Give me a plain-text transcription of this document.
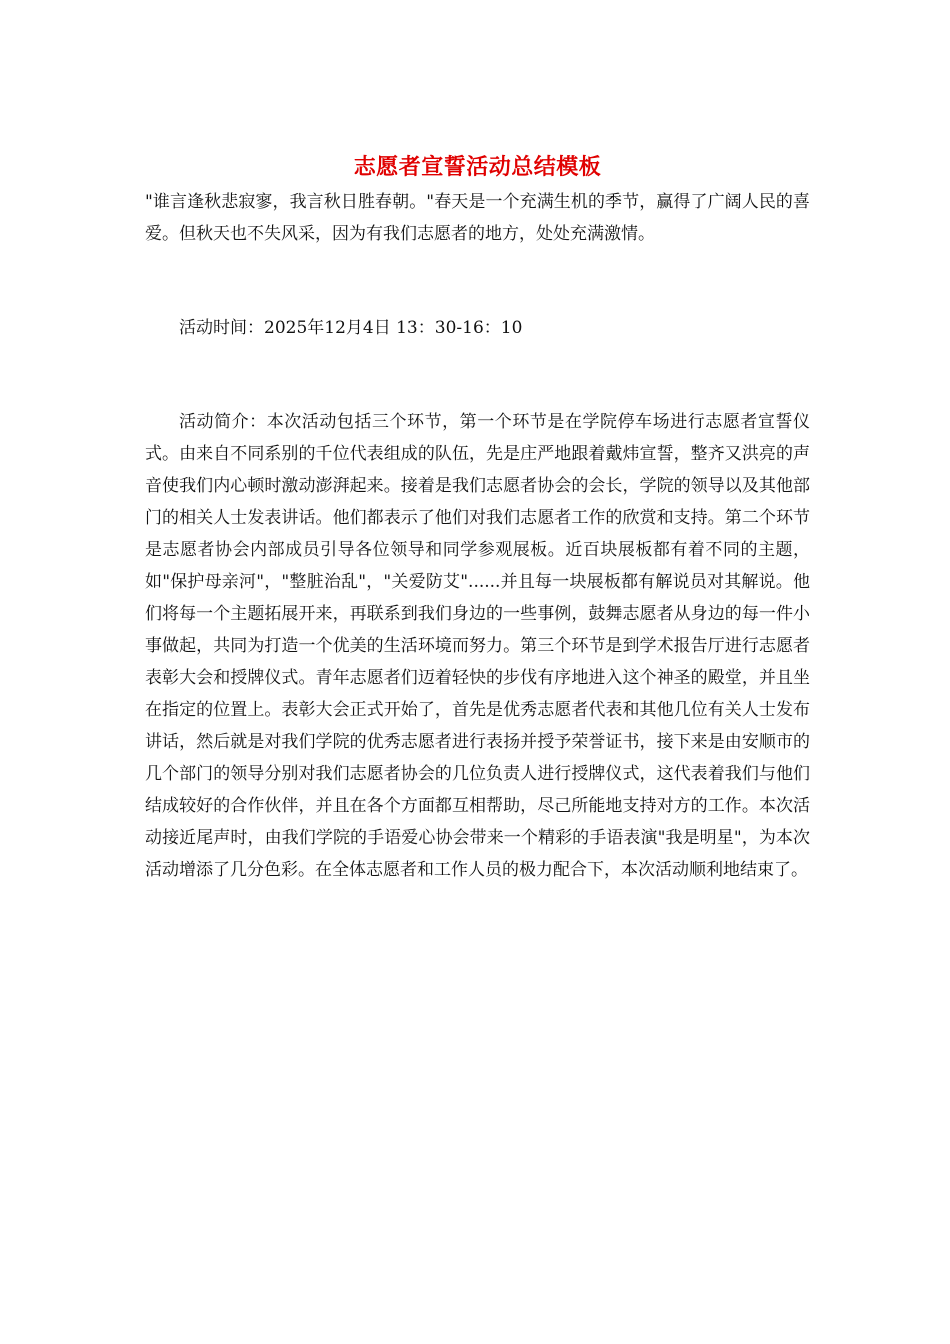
志愿者宣誓活动总结模板

"谁言逢秋悲寂寥，我言秋日胜春朝。"春天是一个充满生机的季节，赢得了广阔人民的喜爱。但秋天也不失风采，因为有我们志愿者的地方，处处充满激情。

活动时间：2025年12月4日 13：30-16：10

活动简介：本次活动包括三个环节，第一个环节是在学院停车场进行志愿者宣誓仪式。由来自不同系别的千位代表组成的队伍，先是庄严地跟着戴炜宣誓，整齐又洪亮的声音使我们内心顿时激动澎湃起来。接着是我们志愿者协会的会长，学院的领导以及其他部门的相关人士发表讲话。他们都表示了他们对我们志愿者工作的欣赏和支持。第二个环节是志愿者协会内部成员引导各位领导和同学参观展板。近百块展板都有着不同的主题，如"保护母亲河"，"整脏治乱"，"关爱防艾"......并且每一块展板都有解说员对其解说。他们将每一个主题拓展开来，再联系到我们身边的一些事例，鼓舞志愿者从身边的每一件小事做起，共同为打造一个优美的生活环境而努力。第三个环节是到学术报告厅进行志愿者表彰大会和授牌仪式。青年志愿者们迈着轻快的步伐有序地进入这个神圣的殿堂，并且坐在指定的位置上。表彰大会正式开始了，首先是优秀志愿者代表和其他几位有关人士发布讲话，然后就是对我们学院的优秀志愿者进行表扬并授予荣誉证书，接下来是由安顺市的几个部门的领导分别对我们志愿者协会的几位负责人进行授牌仪式，这代表着我们与他们结成较好的合作伙伴，并且在各个方面都互相帮助，尽己所能地支持对方的工作。本次活动接近尾声时，由我们学院的手语爱心协会带来一个精彩的手语表演"我是明星"，为本次活动增添了几分色彩。在全体志愿者和工作人员的极力配合下，本次活动顺利地结束了。
